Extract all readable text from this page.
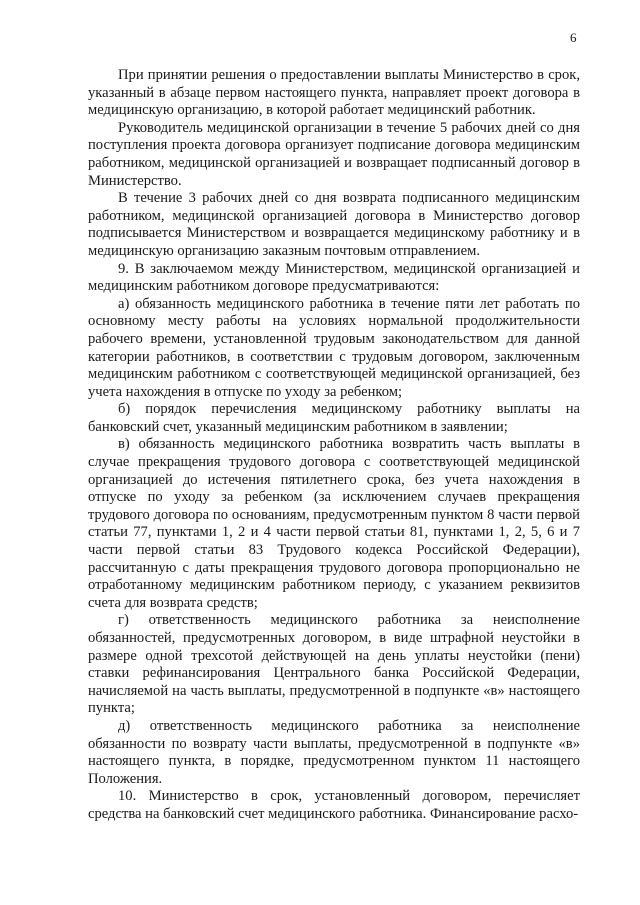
6

При принятии решения о предоставлении выплаты Министерство в срок, указанный в абзаце первом настоящего пункта, направляет проект договора в медицинскую организацию, в которой работает медицинский работник.

Руководитель медицинской организации в течение 5 рабочих дней со дня поступления проекта договора организует подписание договора медицинским работником, медицинской организацией и возвращает подписанный договор в Министерство.

В течение 3 рабочих дней со дня возврата подписанного медицинским работником, медицинской организацией договора в Министерство договор подписывается Министерством и возвращается медицинскому работнику и в медицинскую организацию заказным почтовым отправлением.

9. В заключаемом между Министерством, медицинской организацией и медицинским работником договоре предусматриваются:

а) обязанность медицинского работника в течение пяти лет работать по основному месту работы на условиях нормальной продолжительности рабочего времени, установленной трудовым законодательством для данной категории работников, в соответствии с трудовым договором, заключенным медицинским работником с соответствующей медицинской организацией, без учета нахождения в отпуске по уходу за ребенком;

б) порядок перечисления медицинскому работнику выплаты на банковский счет, указанный медицинским работником в заявлении;

в) обязанность медицинского работника возвратить часть выплаты в случае прекращения трудового договора с соответствующей медицинской организацией до истечения пятилетнего срока, без учета нахождения в отпуске по уходу за ребенком (за исключением случаев прекращения трудового договора по основаниям, предусмотренным пунктом 8 части первой статьи 77, пунктами 1, 2 и 4 части первой статьи 81, пунктами 1, 2, 5, 6 и 7 части первой статьи 83 Трудового кодекса Российской Федерации), рассчитанную с даты прекращения трудового договора пропорционально не отработанному медицинским работником периоду, с указанием реквизитов счета для возврата средств;

г) ответственность медицинского работника за неисполнение обязанностей, предусмотренных договором, в виде штрафной неустойки в размере одной трехсотой действующей на день уплаты неустойки (пени) ставки рефинансирования Центрального банка Российской Федерации, начисляемой на часть выплаты, предусмотренной в подпункте «в» настоящего пункта;

д) ответственность медицинского работника за неисполнение обязанности по возврату части выплаты, предусмотренной в подпункте «в» настоящего пункта, в порядке, предусмотренном пунктом 11 настоящего Положения.

10. Министерство в срок, установленный договором, перечисляет средства на банковский счет медицинского работника. Финансирование расхо-
